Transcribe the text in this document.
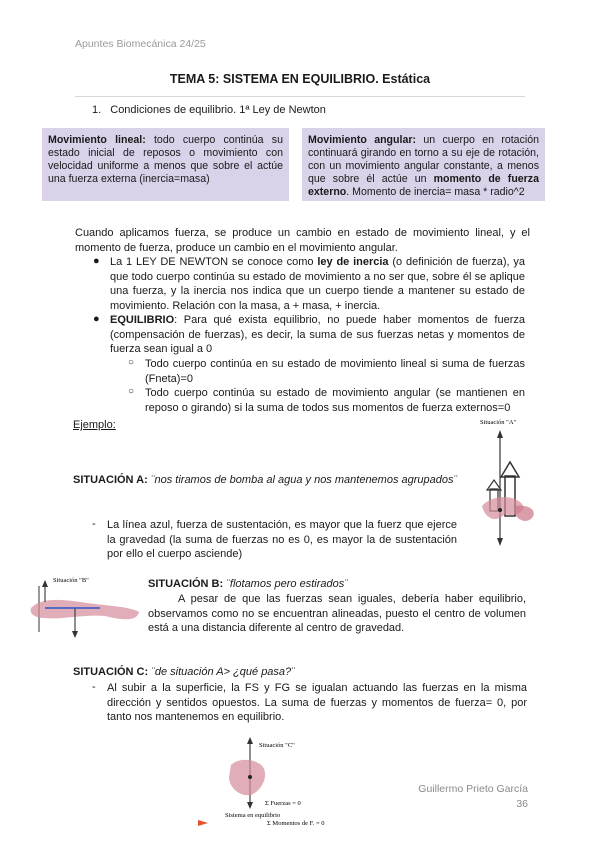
Apuntes Biomecánica 24/25
TEMA 5: SISTEMA EN EQUILIBRIO. Estática
1. Condiciones de equilibrio. 1ª Ley de Newton
Movimiento lineal: todo cuerpo continúa su estado inicial de reposos o movimiento con velocidad uniforme a menos que sobre el actúe una fuerza externa (inercia=masa)
Movimiento angular: un cuerpo en rotación continuará girando en torno a su eje de rotación, con un movimiento angular constante, a menos que sobre él actúe un momento de fuerza externo. Momento de inercia= masa * radio^2
Cuando aplicamos fuerza, se produce un cambio en estado de movimiento lineal, y el momento de fuerza, produce un cambio en el movimiento angular.
● La 1 LEY DE NEWTON se conoce como ley de inercia (o definición de fuerza), ya que todo cuerpo continúa su estado de movimiento a no ser que, sobre él se aplique una fuerza, y la inercia nos indica que un cuerpo tiende a mantener su estado de movimiento. Relación con la masa, a + masa, + inercia.
● EQUILIBRIO: Para qué exista equilibrio, no puede haber momentos de fuerza (compensación de fuerzas), es decir, la suma de sus fuerzas netas y momentos de fuerza sean igual a 0
○ Todo cuerpo continúa en su estado de movimiento lineal si suma de fuerzas (Fneta)=0
○ Todo cuerpo continúa su estado de movimiento angular (se mantienen en reposo o girando) si la suma de todos sus momentos de fuerza externos=0
Ejemplo:
SITUACIÓN A: ¨nos tiramos de bomba al agua y nos mantenemos agrupados¨
- La línea azul, fuerza de sustentación, es mayor que la fuerz que ejerce la gravedad (la suma de fuerzas no es 0, es mayor la de sustentación por ello el cuerpo asciende)
Situación "A"
Situación "B"	SITUACIÓN B: ¨flotamos pero estirados¨
A pesar de que las fuerzas sean iguales, debería haber equilibrio, observamos como no se encuentran alineadas, puesto el centro de volumen está a una distancia diferente al centro de gravedad.
SITUACIÓN C: ¨de situación A> ¿qué pasa?¨
- Al subir a la superficie, la FS y FG se igualan actuando las fuerzas en la misma dirección y sentidos opuestos. La suma de fuerzas y momentos de fuerza= 0, por tanto nos mantenemos en equilibrio.
Situación "C"
Σ Fuerzas = 0
Sistema en equilibrio
Σ Momentos de F. = 0
Guillermo Prieto García
36
